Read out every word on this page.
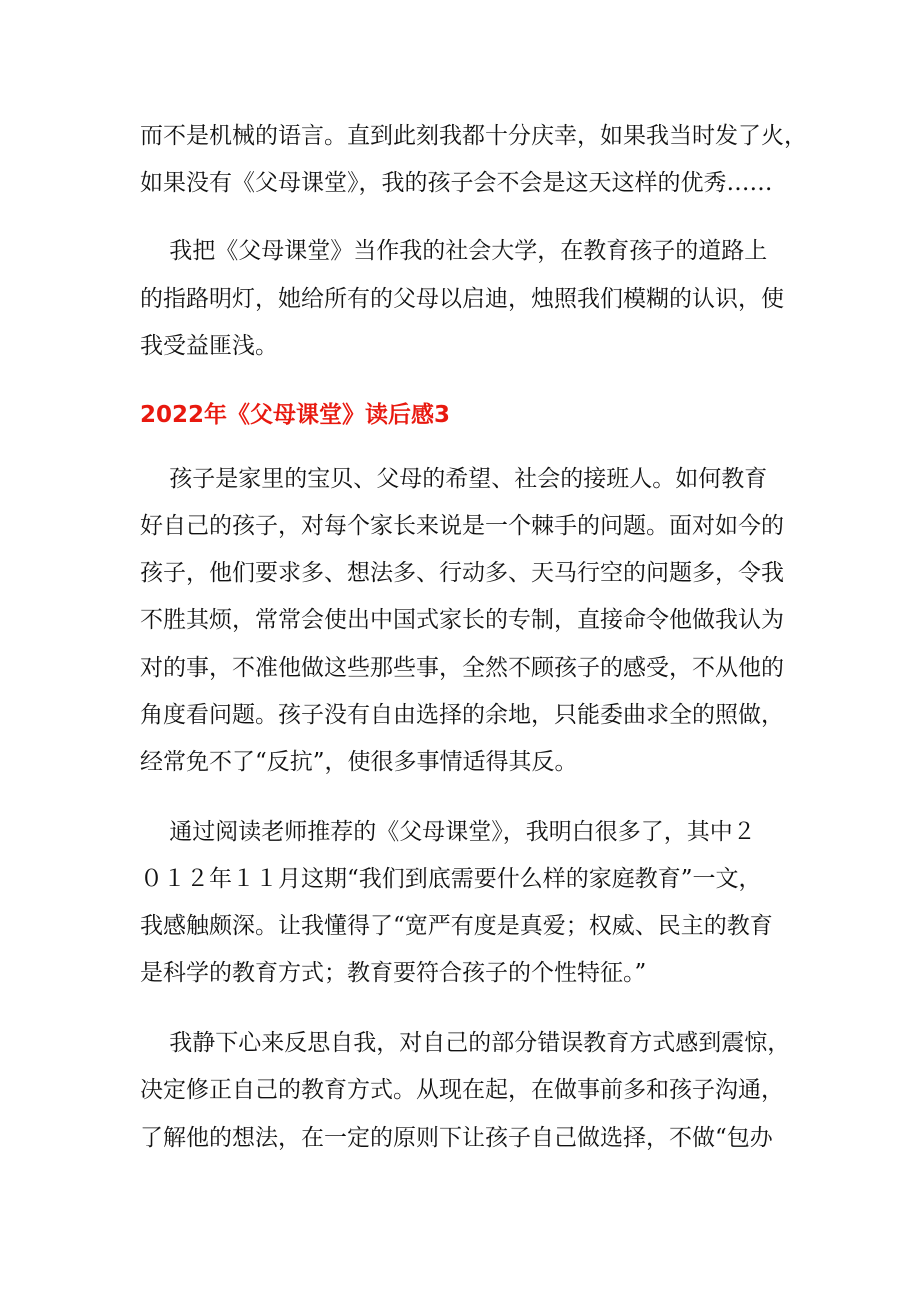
而不是机械的语言。直到此刻我都十分庆幸，如果我当时发了火，
如果没有《父母课堂》，我的孩子会不会是这天这样的优秀……
我把《父母课堂》当作我的社会大学，在教育孩子的道路上
的指路明灯，她给所有的父母以启迪，烛照我们模糊的认识，使
我受益匪浅。
2022年《父母课堂》读后感3
孩子是家里的宝贝、父母的希望、社会的接班人。如何教育
好自己的孩子，对每个家长来说是一个棘手的问题。面对如今的
孩子，他们要求多、想法多、行动多、天马行空的问题多，令我
不胜其烦，常常会使出中国式家长的专制，直接命令他做我认为
对的事，不准他做这些那些事，全然不顾孩子的感受，不从他的
角度看问题。孩子没有自由选择的余地，只能委曲求全的照做，
经常免不了“反抗”，使很多事情适得其反。
通过阅读老师推荐的《父母课堂》，我明白很多了，其中２
０１２年１１月这期“我们到底需要什么样的家庭教育”一文，
我感触颇深。让我懂得了“宽严有度是真爱；权威、民主的教育
是科学的教育方式；教育要符合孩子的个性特征。”
我静下心来反思自我，对自己的部分错误教育方式感到震惊，
决定修正自己的教育方式。从现在起，在做事前多和孩子沟通，
了解他的想法，在一定的原则下让孩子自己做选择，不做“包办
